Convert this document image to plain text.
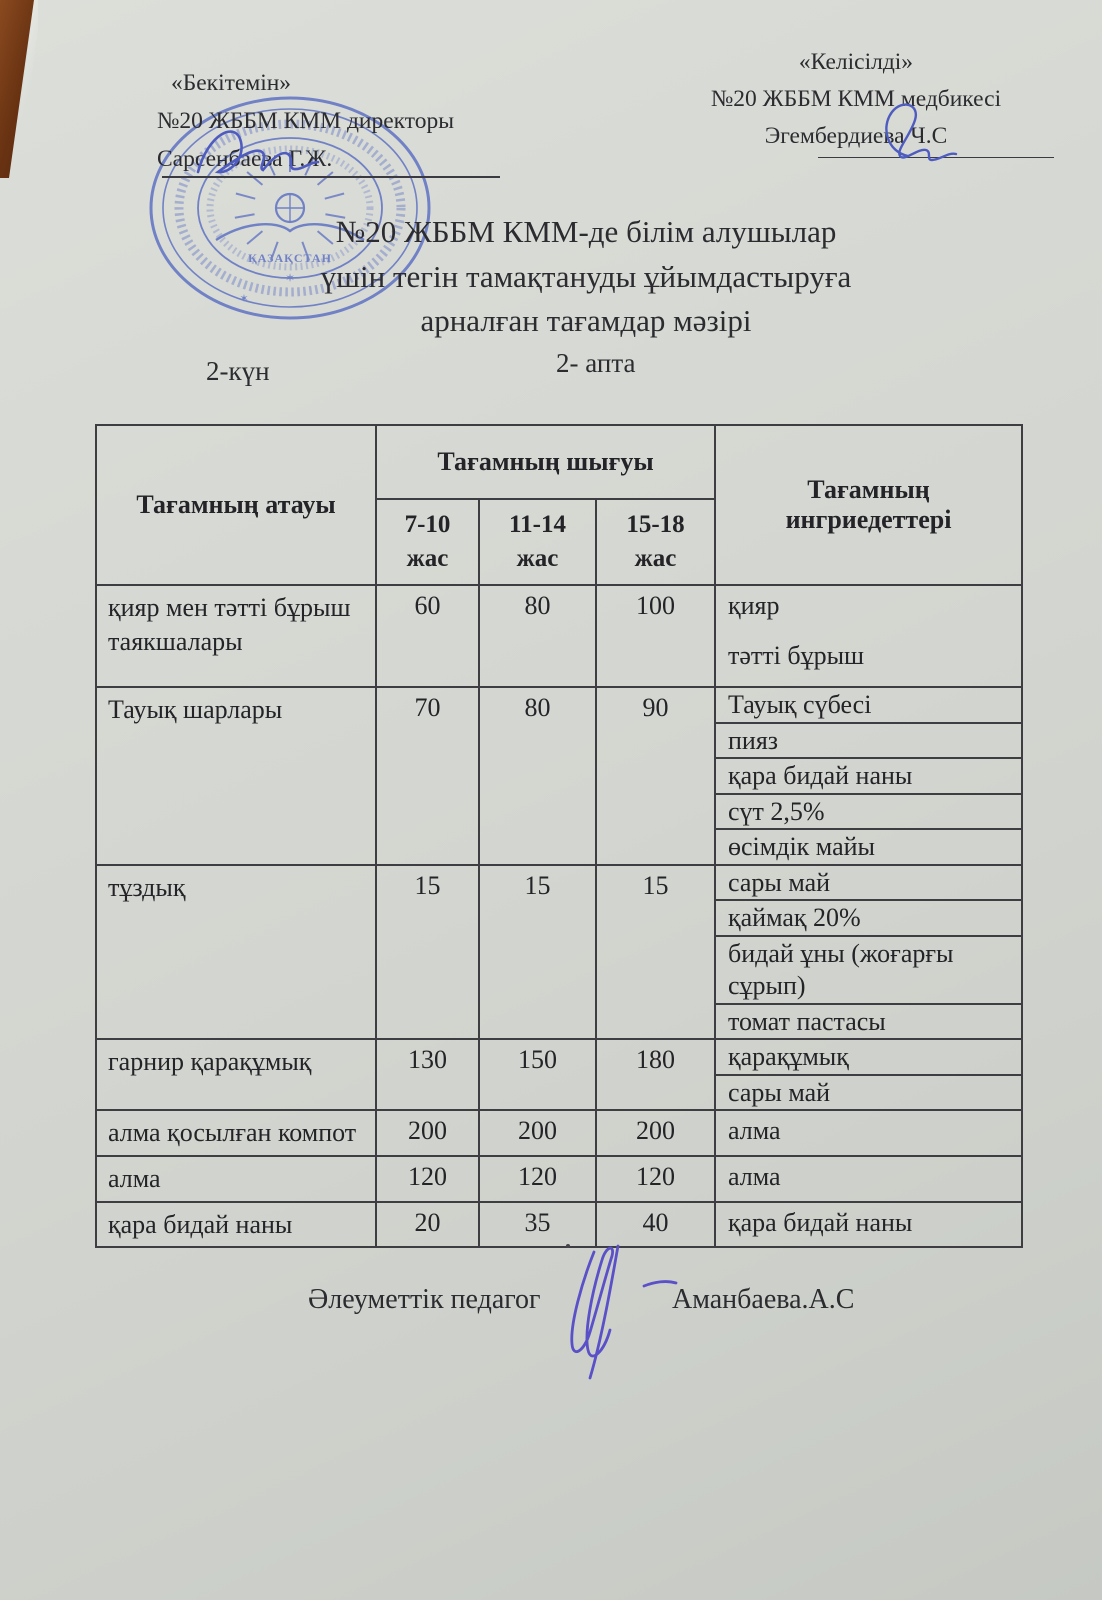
ҚАЗАҚСТАН
✶
✶
«Бекітемін»
№20 ЖББМ КММ директоры
Сарсенбаева Г.Ж.
«Келісілді»
№20 ЖББМ КММ медбикесі
Эгембердиева Ч.С
№20 ЖББМ КММ-де білім алушылар
үшін тегін тамақтануды ұйымдастыруға
арналған тағамдар мәзірі
2-күн	2- апта
Тағамның атауы	Тағамның шығуы			Тағамның ингриедеттері
	7-10 жас	11-14 жас	15-18 жас	
қияр мен тәтті бұрыш таякшалары	60	80	100	қияр
тәтті бұрыш

Тауық шарлары	70	80	90	Тауық сүбесі
пияз
қара бидай наны
сүт 2,5%
өсімдік майы

тұздық	15	15	15	сары май
қаймақ 20%
бидай ұны (жоғарғы сұрып)
томат пастасы

гарнир қарақұмық	130	150	180	қарақұмық
сары май

алма қосылған компот	200	200	200	алма

алма	120	120	120	алма

қара бидай наны	20	35	40	қара бидай наны
Әлеуметтік педагог	Аманбаева.А.С
